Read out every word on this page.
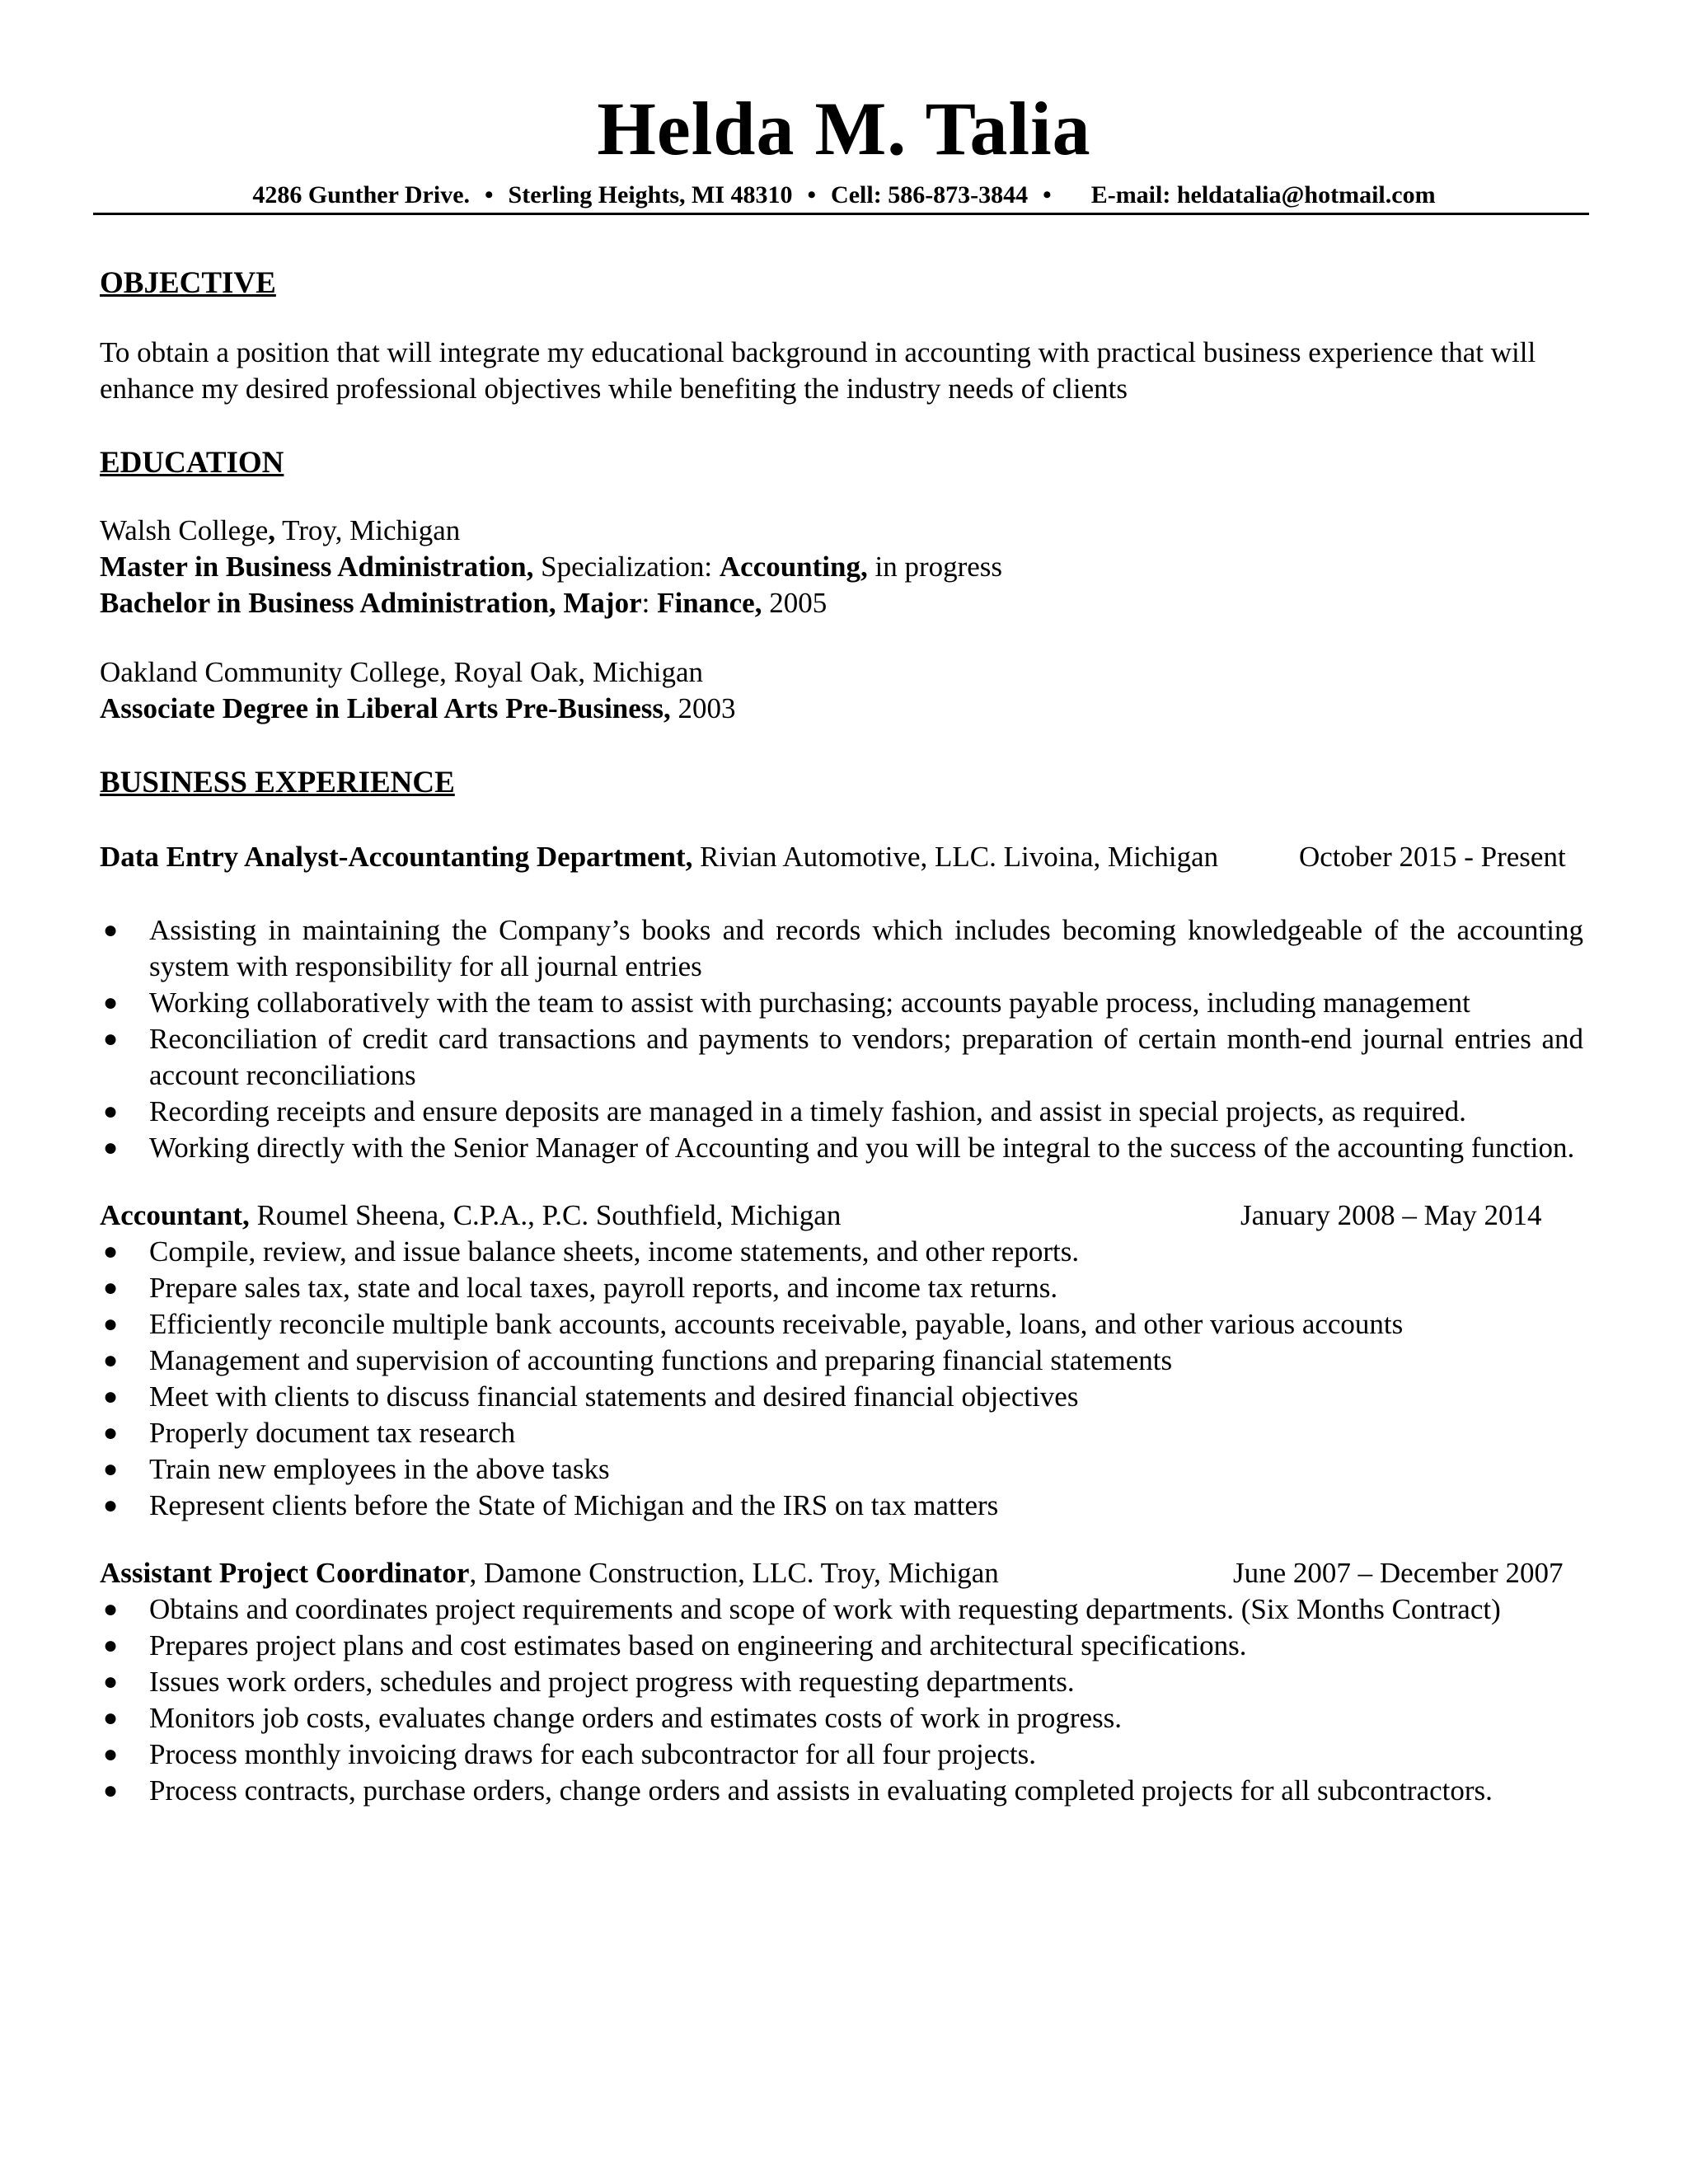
Helda M. Talia
4286 Gunther Drive. • Sterling Heights, MI 48310 • Cell: 586-873-3844 • E-mail: heldatalia@hotmail.com
OBJECTIVE

To obtain a position that will integrate my educational background in accounting with practical business experience that will enhance my desired professional objectives while benefiting the industry needs of clients

EDUCATION
Walsh College, Troy, Michigan
Master in Business Administration, Specialization: Accounting, in progress
Bachelor in Business Administration, Major: Finance, 2005
Oakland Community College, Royal Oak, Michigan
Associate Degree in Liberal Arts Pre-Business, 2003
BUSINESS EXPERIENCE
Data Entry Analyst-Accountanting Department, Rivian Automotive, LLC. Livoina, Michigan	October 2015 - Present
● Assisting in maintaining the Company’s books and records which includes becoming knowledgeable of the accounting system with responsibility for all journal entries
● Working collaboratively with the team to assist with purchasing; accounts payable process, including management
● Reconciliation of credit card transactions and payments to vendors; preparation of certain month-end journal entries and account reconciliations
● Recording receipts and ensure deposits are managed in a timely fashion, and assist in special projects, as required.
● Working directly with the Senior Manager of Accounting and you will be integral to the success of the accounting function.
Accountant, Roumel Sheena, C.P.A., P.C. Southfield, Michigan	January 2008 – May 2014
● Compile, review, and issue balance sheets, income statements, and other reports.
● Prepare sales tax, state and local taxes, payroll reports, and income tax returns.
● Efficiently reconcile multiple bank accounts, accounts receivable, payable, loans, and other various accounts
● Management and supervision of accounting functions and preparing financial statements
● Meet with clients to discuss financial statements and desired financial objectives
● Properly document tax research
● Train new employees in the above tasks
● Represent clients before the State of Michigan and the IRS on tax matters
Assistant Project Coordinator, Damone Construction, LLC. Troy, Michigan	June 2007 – December 2007
● Obtains and coordinates project requirements and scope of work with requesting departments. (Six Months Contract)
● Prepares project plans and cost estimates based on engineering and architectural specifications.
● Issues work orders, schedules and project progress with requesting departments.
● Monitors job costs, evaluates change orders and estimates costs of work in progress.
● Process monthly invoicing draws for each subcontractor for all four projects.
● Process contracts, purchase orders, change orders and assists in evaluating completed projects for all subcontractors.
